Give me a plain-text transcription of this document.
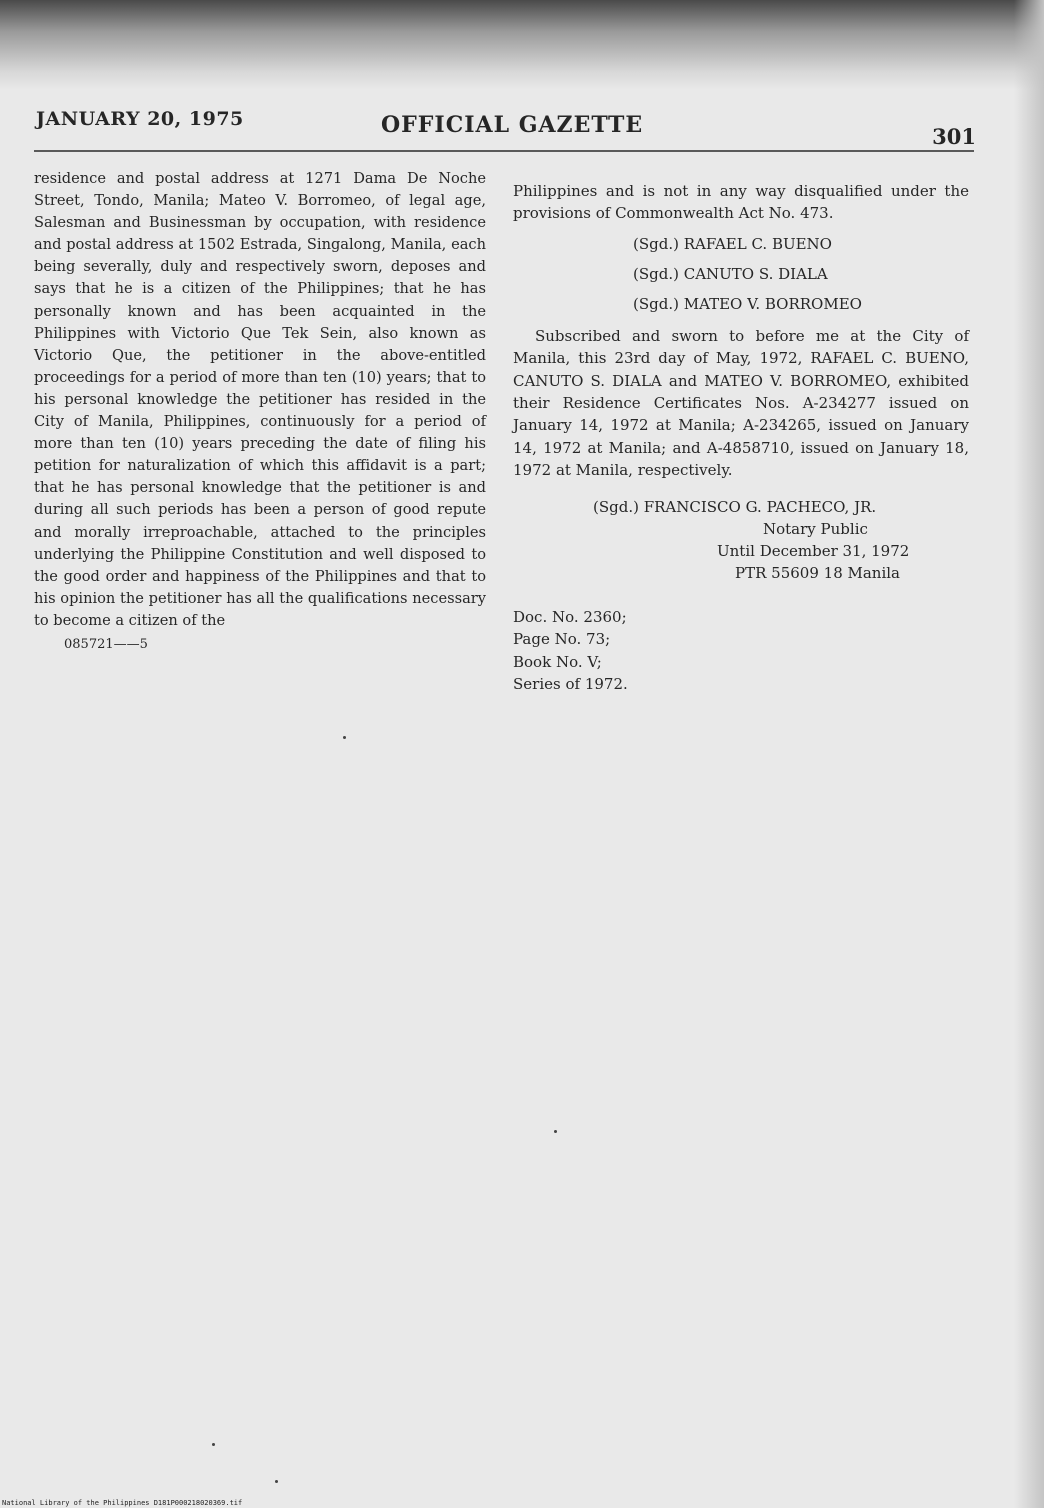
JANUARY 20, 1975	OFFICIAL GAZETTE	301

residence and postal address at 1271 Dama De Noche Street, Tondo, Manila; Mateo V. Borromeo, of legal age, Salesman and Businessman by occupation, with residence and postal address at 1502 Estrada, Singalong, Manila, each being severally, duly and respectively sworn, deposes and says that he is a citizen of the Philippines; that he has personally known and has been acquainted in the Philippines with Victorio Que Tek Sein, also known as Victorio Que, the petitioner in the above-entitled proceedings for a period of more than ten (10) years; that to his personal knowledge the petitioner has resided in the City of Manila, Philippines, continuously for a period of more than ten (10) years preceding the date of filing his petition for naturalization of which this affidavit is a part; that he has personal knowledge that the petitioner is and during all such periods has been a person of good repute and morally irreproachable, attached to the principles underlying the Philippine Constitution and well disposed to the good order and happiness of the Philippines and that to his opinion the petitioner has all the qualifications necessary to become a citizen of the

085721——5

Philippines and is not in any way disqualified under the provisions of Commonwealth Act No. 473.

(Sgd.) RAFAEL C. BUENO
(Sgd.) CANUTO S. DIALA
(Sgd.) MATEO V. BORROMEO

Subscribed and sworn to before me at the City of Manila, this 23rd day of May, 1972, RAFAEL C. BUENO, CANUTO S. DIALA and MATEO V. BORROMEO, exhibited their Residence Certificates Nos. A-234277 issued on January 14, 1972 at Manila; A-234265, issued on January 14, 1972 at Manila; and A-4858710, issued on January 18, 1972 at Manila, respectively.

(Sgd.) FRANCISCO G. PACHECO, JR.
Notary Public
Until December 31, 1972
PTR 55609 18 Manila
Doc. No. 2360;
Page No. 73;
Book No. V;
Series of 1972.
National Library of the Philippines D181P000218020369.tif
